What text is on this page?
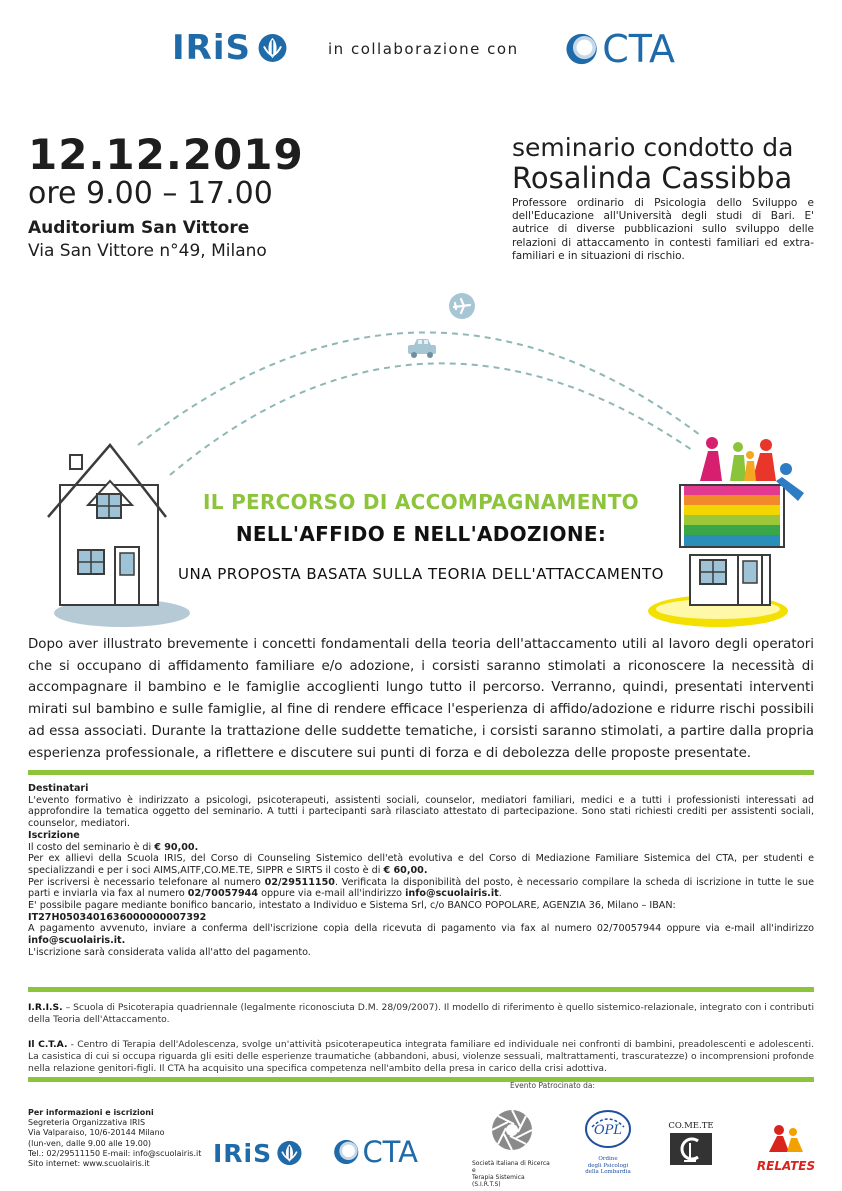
IRiS	in collaborazione con CTA
12.12.2019
ore 9.00 – 17.00
Auditorium San Vittore
Via San Vittore n°49, Milano
seminario condotto da
Rosalinda Cassibba
Professore ordinario di Psicologia dello Sviluppo e dell'Educazione all'Università degli studi di Bari. E' autrice di diverse pubblicazioni sullo sviluppo delle relazioni di attaccamento in contesti familiari ed extra-familiari e in situazioni di rischio.
IL PERCORSO DI ACCOMPAGNAMENTO
NELL'AFFIDO E NELL'ADOZIONE:
UNA PROPOSTA BASATA SULLA TEORIA DELL'ATTACCAMENTO
Dopo aver illustrato brevemente i concetti fondamentali della teoria dell'attaccamento utili al lavoro degli operatori che si occupano di affidamento familiare e/o adozione, i corsisti saranno stimolati a riconoscere la necessità di accompagnare il bambino e le famiglie accoglienti lungo tutto il percorso. Verranno, quindi, presentati interventi mirati sul bambino e sulle famiglie, al fine di rendere efficace l'esperienza di affido/adozione e ridurre rischi possibili ad essa associati. Durante la trattazione delle suddette tematiche, i corsisti saranno stimolati, a partire dalla propria esperienza professionale, a riflettere e discutere sui punti di forza e di debolezza delle proposte presentate.

Destinatari

L'evento formativo è indirizzato a psicologi, psicoterapeuti, assistenti sociali, counselor, mediatori familiari, medici e a tutti i professionisti interessati ad approfondire la tematica oggetto del seminario. A tutti i partecipanti sarà rilasciato attestato di partecipazione. Sono stati richiesti crediti per assistenti sociali, counselor, mediatori.

Iscrizione

Il costo del seminario è di € 90,00.

Per ex allievi della Scuola IRIS, del Corso di Counseling Sistemico dell'età evolutiva e del Corso di Mediazione Familiare Sistemica del CTA, per studenti e specializzandi e per i soci AIMS,AITF,CO.ME.TE, SIPPR e SIRTS il costo è di € 60,00.

Per iscriversi è necessario telefonare al numero 02/29511150. Verificata la disponibilità del posto, è necessario compilare la scheda di iscrizione in tutte le sue parti e inviarla via fax al numero 02/70057944 oppure via e-mail all'indirizzo info@scuolairis.it.

E' possibile pagare mediante bonifico bancario, intestato a Individuo e Sistema Srl, c/o BANCO POPOLARE, AGENZIA 36, Milano – IBAN:

IT27H0503401636000000007392

A pagamento avvenuto, inviare a conferma dell'iscrizione copia della ricevuta di pagamento via fax al numero 02/70057944 oppure via e-mail all'indirizzo info@scuolairis.it.

L'iscrizione sarà considerata valida all'atto del pagamento.

I.R.I.S. – Scuola di Psicoterapia quadriennale (legalmente riconosciuta D.M. 28/09/2007). Il modello di riferimento è quello sistemico-relazionale, integrato con i contributi della Teoria dell'Attaccamento.
Il C.T.A. - Centro di Terapia dell'Adolescenza, svolge un'attività psicoterapeutica integrata familiare ed individuale nei confronti di bambini, preadolescenti e adolescenti. La casistica di cui si occupa riguarda gli esiti delle esperienze traumatiche (abbandoni, abusi, violenze sessuali, maltrattamenti, trascuratezze) o incomprensioni profonde nella relazione genitori-figli. Il CTA ha acquisito una specifica competenza nell'ambito della presa in carico della crisi adottiva.
Evento Patrocinato da:
Per informazioni e iscrizioni
Segreteria Organizzativa IRIS
Via Valparaiso, 10/6-20144 Milano
(lun-ven, dalle 9.00 alle 19.00)
Tel.: 02/29511150 E-mail: info@scuolairis.it
Sito internet: www.scuolairis.it	IRiS	CTA	Società Italiana di Ricerca e
Terapia Sistemica (S.I.R.T.S)
OPL
Ordine
degli Psicologi
della Lombardia
CO.ME.TE
RELATES
